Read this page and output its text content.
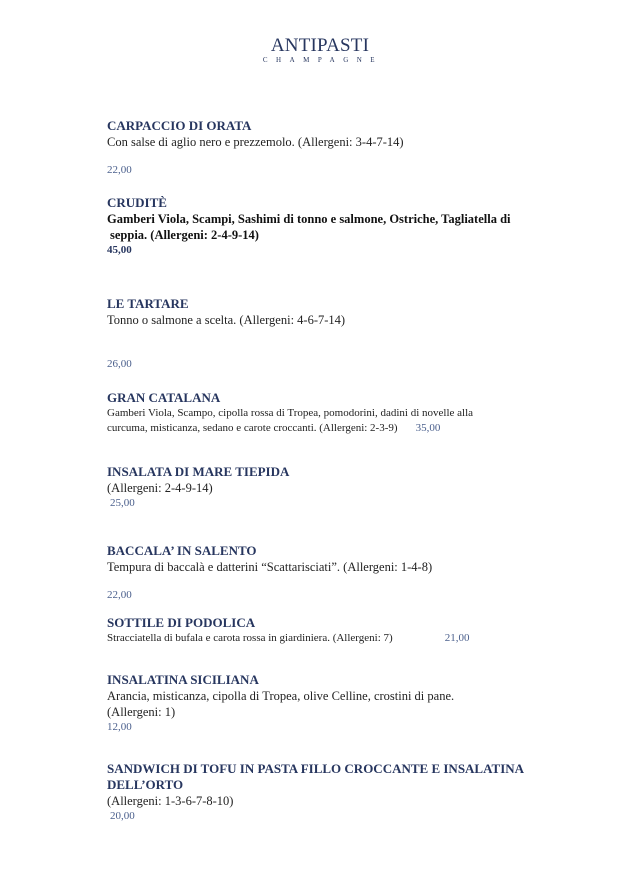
ANTIPASTI
CHAMPAGNE
CARPACCIO DI ORATA
Con salse di aglio nero e prezzemolo. (Allergeni: 3-4-7-14)
22,00
CRUDITÈ
Gamberi Viola, Scampi, Sashimi di tonno e salmone, Ostriche, Tagliatella di
seppia. (Allergeni: 2-4-9-14)
45,00
LE TARTARE
Tonno o salmone a scelta. (Allergeni: 4-6-7-14)
26,00
GRAN CATALANA
Gamberi Viola, Scampo, cipolla rossa di Tropea, pomodorini, dadini di novelle alla
curcuma, misticanza, sedano e carote croccanti. (Allergeni: 2-3-9) 35,00
INSALATA DI MARE TIEPIDA
(Allergeni: 2-4-9-14)
25,00
BACCALA’ IN SALENTO
Tempura di baccalà e datterini “Scattarisciati”. (Allergeni: 1-4-8)
22,00
SOTTILE DI PODOLICA
Stracciatella di bufala e carota rossa in giardiniera. (Allergeni: 7)	21,00
INSALATINA SICILIANA
Arancia, misticanza, cipolla di Tropea, olive Celline, crostini di pane.
(Allergeni: 1)
12,00
SANDWICH DI TOFU IN PASTA FILLO CROCCANTE E INSALATINA
DELL’ORTO
(Allergeni: 1-3-6-7-8-10)
20,00
